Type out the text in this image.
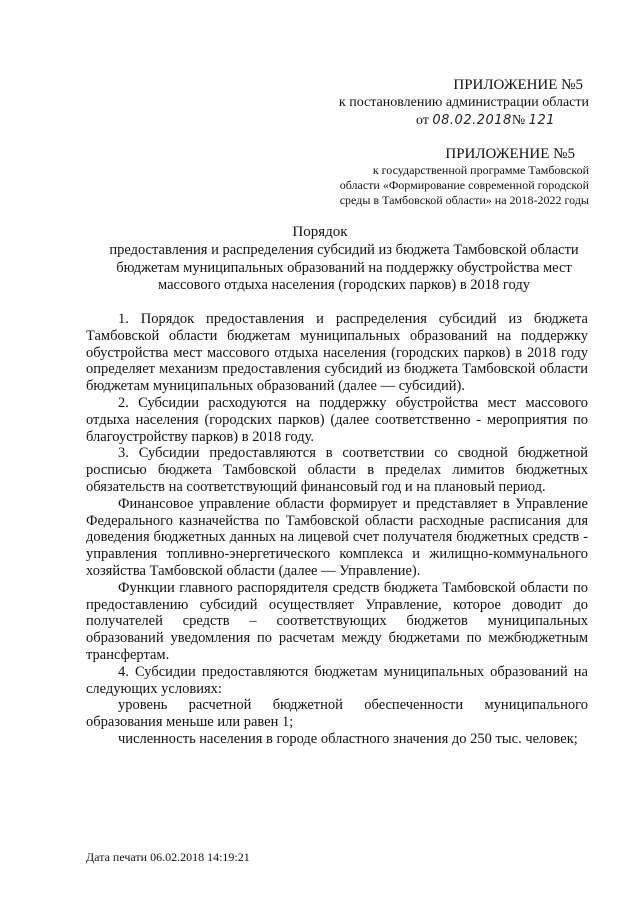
ПРИЛОЖЕНИЕ №5
к постановлению администрации области
от 08.02.2018№ 121
ПРИЛОЖЕНИЕ №5
к государственной программе Тамбовской
области «Формирование современной городской
среды в Тамбовской области» на 2018-2022 годы
Порядок
предоставления и распределения субсидий из бюджета Тамбовской области бюджетам муниципальных образований на поддержку обустройства мест массового отдыха населения (городских парков) в 2018 году

1. Порядок предоставления и распределения субсидий из бюджета Тамбовской области бюджетам муниципальных образований на поддержку обустройства мест массового отдыха населения (городских парков) в 2018 году определяет механизм предоставления субсидий из бюджета Тамбовской области бюджетам муниципальных образований (далее — субсидий).

2. Субсидии расходуются на поддержку обустройства мест массового отдыха населения (городских парков) (далее соответственно - мероприятия по благоустройству парков) в 2018 году.

3. Субсидии предоставляются в соответствии со сводной бюджетной росписью бюджета Тамбовской области в пределах лимитов бюджетных обязательств на соответствующий финансовый год и на плановый период.

Финансовое управление области формирует и представляет в Управление Федерального казначейства по Тамбовской области расходные расписания для доведения бюджетных данных на лицевой счет получателя бюджетных средств - управления топливно-энергетического комплекса и жилищно-коммунального хозяйства Тамбовской области (далее — Управление).

Функции главного распорядителя средств бюджета Тамбовской области по предоставлению субсидий осуществляет Управление, которое доводит до получателей средств – соответствующих бюджетов муниципальных образований уведомления по расчетам между бюджетами по межбюджетным трансфертам.

4. Субсидии предоставляются бюджетам муниципальных образований на следующих условиях:

уровень расчетной бюджетной обеспеченности муниципального образования меньше или равен 1;

численность населения в городе областного значения до 250 тыс. человек;

Дата печати 06.02.2018 14:19:21
